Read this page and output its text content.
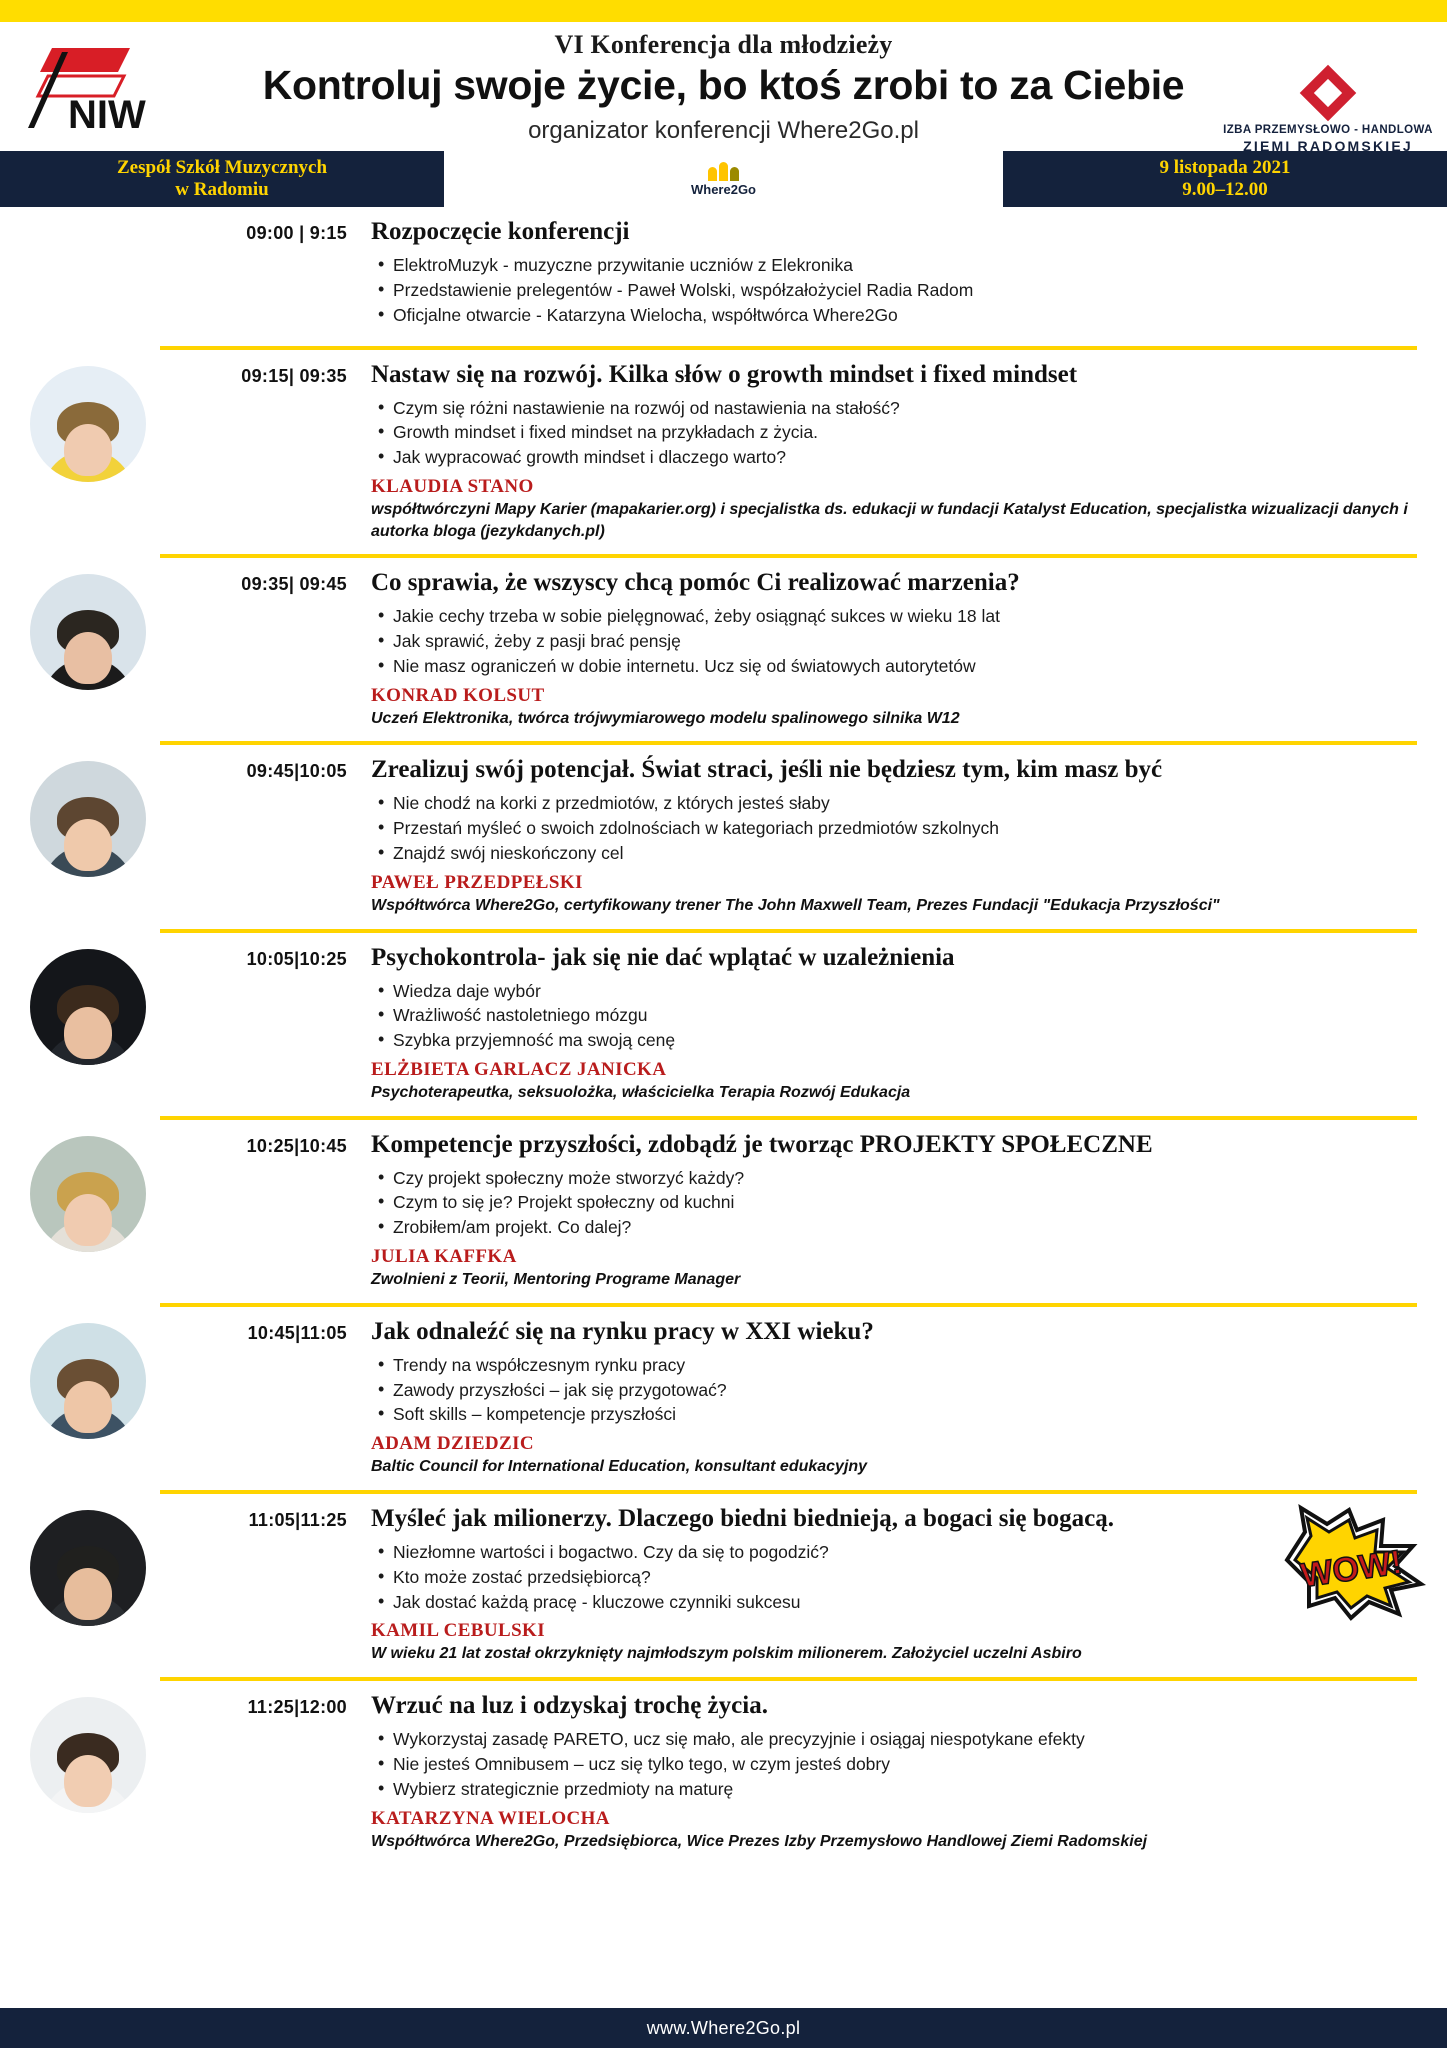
NIW	IZBA PRZEMYSŁOWO - HANDLOWA
ZIEMI RADOMSKIEJ
VI Konferencja dla młodzieży
Kontroluj swoje życie, bo ktoś zrobi to za Ciebie
organizator konferencji Where2Go.pl
Zespół Szkół Muzycznych
w Radomiu	Where2Go
9 listopada 2021
9.00–12.00
09:00 | 9:15 Rozpoczęcie konferencji
• ElektroMuzyk - muzyczne przywitanie uczniów z Elekronika
• Przedstawienie prelegentów - Paweł Wolski, współzałożyciel Radia Radom
• Oficjalne otwarcie - Katarzyna Wielocha, współtwórca Where2Go
09:15| 09:35 Nastaw się na rozwój. Kilka słów o growth mindset i fixed mindset
• Czym się różni nastawienie na rozwój od nastawienia na stałość?
• Growth mindset i fixed mindset na przykładach z życia.
• Jak wypracować growth mindset i dlaczego warto?
KLAUDIA STANO
współtwórczyni Mapy Karier (mapakarier.org) i specjalistka ds. edukacji w fundacji Katalyst Education, specjalistka wizualizacji danych i autorka bloga (jezykdanych.pl)
09:35| 09:45 Co sprawia, że wszyscy chcą pomóc Ci realizować marzenia?
• Jakie cechy trzeba w sobie pielęgnować, żeby osiągnąć sukces w wieku 18 lat
• Jak sprawić, żeby z pasji brać pensję
• Nie masz ograniczeń w dobie internetu. Ucz się od światowych autorytetów
KONRAD KOLSUT
Uczeń Elektronika, twórca trójwymiarowego modelu spalinowego silnika W12
09:45|10:05 Zrealizuj swój potencjał. Świat straci, jeśli nie będziesz tym, kim masz być
• Nie chodź na korki z przedmiotów, z których jesteś słaby
• Przestań myśleć o swoich zdolnościach w kategoriach przedmiotów szkolnych
• Znajdź swój nieskończony cel
PAWEŁ PRZEDPEŁSKI
Współtwórca Where2Go, certyfikowany trener The John Maxwell Team, Prezes Fundacji "Edukacja Przyszłości"
10:05|10:25 Psychokontrola- jak się nie dać wplątać w uzależnienia
• Wiedza daje wybór
• Wrażliwość nastoletniego mózgu
• Szybka przyjemność ma swoją cenę
ELŻBIETA GARLACZ JANICKA
Psychoterapeutka, seksuolożka, właścicielka Terapia Rozwój Edukacja
10:25|10:45 Kompetencje przyszłości, zdobądź je tworząc PROJEKTY SPOŁECZNE
• Czy projekt społeczny może stworzyć każdy?
• Czym to się je? Projekt społeczny od kuchni
• Zrobiłem/am projekt. Co dalej?
JULIA KAFFKA
Zwolnieni z Teorii, Mentoring Programe Manager
10:45|11:05 Jak odnaleźć się na rynku pracy w XXI wieku?
• Trendy na współczesnym rynku pracy
• Zawody przyszłości – jak się przygotować?
• Soft skills – kompetencje przyszłości
ADAM DZIEDZIC
Baltic Council for International Education, konsultant edukacyjny
11:05|11:25 Myśleć jak milionerzy. Dlaczego biedni biednieją, a bogaci się bogacą.
• Niezłomne wartości i bogactwo. Czy da się to pogodzić?
• Kto może zostać przedsiębiorcą?
• Jak dostać każdą pracę - kluczowe czynniki sukcesu
KAMIL CEBULSKI
W wieku 21 lat został okrzyknięty najmłodszym polskim milionerem. Założyciel uczelni Asbiro
WOW!
11:25|12:00 Wrzuć na luz i odzyskaj trochę życia.
• Wykorzystaj zasadę PARETO, ucz się mało, ale precyzyjnie i osiągaj niespotykane efekty
• Nie jesteś Omnibusem – ucz się tylko tego, w czym jesteś dobry
• Wybierz strategicznie przedmioty na maturę
KATARZYNA WIELOCHA
Współtwórca Where2Go, Przedsiębiorca, Wice Prezes Izby Przemysłowo Handlowej Ziemi Radomskiej
www.Where2Go.pl
